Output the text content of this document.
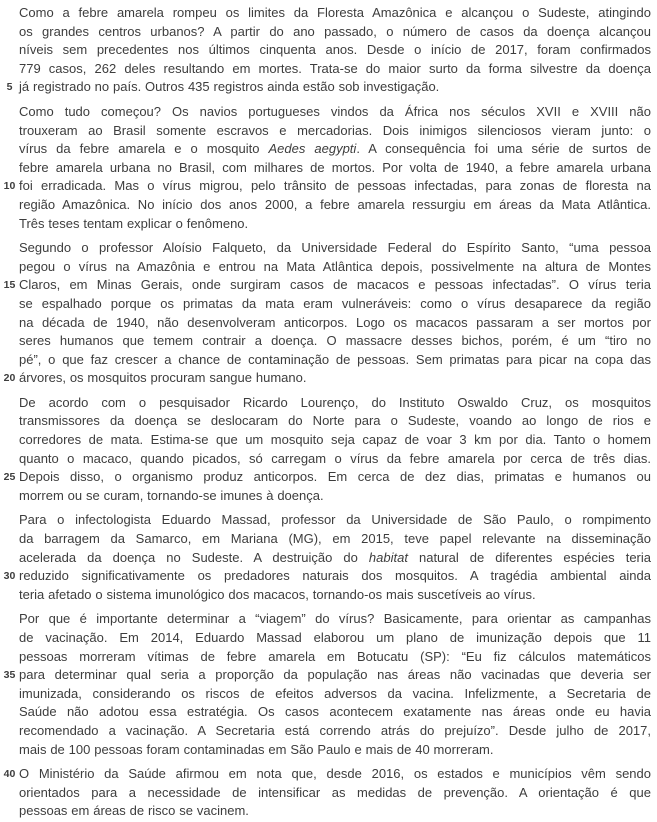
Como a febre amarela rompeu os limites da Floresta Amazônica e alcançou o Sudeste, atingindo
os grandes centros urbanos? A partir do ano passado, o número de casos da doença alcançou
níveis sem precedentes nos últimos cinquenta anos. Desde o início de 2017, foram confirmados
779 casos, 262 deles resultando em mortes. Trata-se do maior surto da forma silvestre da doença
5 já registrado no país. Outros 435 registros ainda estão sob investigação.
Como tudo começou? Os navios portugueses vindos da África nos séculos XVII e XVIII não
trouxeram ao Brasil somente escravos e mercadorias. Dois inimigos silenciosos vieram junto: o
vírus da febre amarela e o mosquito Aedes aegypti. A consequência foi uma série de surtos de
febre amarela urbana no Brasil, com milhares de mortos. Por volta de 1940, a febre amarela urbana
10 foi erradicada. Mas o vírus migrou, pelo trânsito de pessoas infectadas, para zonas de floresta na
região Amazônica. No início dos anos 2000, a febre amarela ressurgiu em áreas da Mata Atlântica.
Três teses tentam explicar o fenômeno.
Segundo o professor Aloísio Falqueto, da Universidade Federal do Espírito Santo, “uma pessoa
pegou o vírus na Amazônia e entrou na Mata Atlântica depois, possivelmente na altura de Montes
15 Claros, em Minas Gerais, onde surgiram casos de macacos e pessoas infectadas”. O vírus teria
se espalhado porque os primatas da mata eram vulneráveis: como o vírus desaparece da região
na década de 1940, não desenvolveram anticorpos. Logo os macacos passaram a ser mortos por
seres humanos que temem contrair a doença. O massacre desses bichos, porém, é um “tiro no
pé”, o que faz crescer a chance de contaminação de pessoas. Sem primatas para picar na copa das
20 árvores, os mosquitos procuram sangue humano.
De acordo com o pesquisador Ricardo Lourenço, do Instituto Oswaldo Cruz, os mosquitos
transmissores da doença se deslocaram do Norte para o Sudeste, voando ao longo de rios e
corredores de mata. Estima-se que um mosquito seja capaz de voar 3 km por dia. Tanto o homem
quanto o macaco, quando picados, só carregam o vírus da febre amarela por cerca de três dias.
25 Depois disso, o organismo produz anticorpos. Em cerca de dez dias, primatas e humanos ou
morrem ou se curam, tornando-se imunes à doença.
Para o infectologista Eduardo Massad, professor da Universidade de São Paulo, o rompimento
da barragem da Samarco, em Mariana (MG), em 2015, teve papel relevante na disseminação
acelerada da doença no Sudeste. A destruição do habitat natural de diferentes espécies teria
30 reduzido significativamente os predadores naturais dos mosquitos. A tragédia ambiental ainda
teria afetado o sistema imunológico dos macacos, tornando-os mais suscetíveis ao vírus.
Por que é importante determinar a “viagem” do vírus? Basicamente, para orientar as campanhas
de vacinação. Em 2014, Eduardo Massad elaborou um plano de imunização depois que 11
pessoas morreram vítimas de febre amarela em Botucatu (SP): “Eu fiz cálculos matemáticos
35 para determinar qual seria a proporção da população nas áreas não vacinadas que deveria ser
imunizada, considerando os riscos de efeitos adversos da vacina. Infelizmente, a Secretaria de
Saúde não adotou essa estratégia. Os casos acontecem exatamente nas áreas onde eu havia
recomendado a vacinação. A Secretaria está correndo atrás do prejuízo”. Desde julho de 2017,
mais de 100 pessoas foram contaminadas em São Paulo e mais de 40 morreram.
40 O Ministério da Saúde afirmou em nota que, desde 2016, os estados e municípios vêm sendo
orientados para a necessidade de intensificar as medidas de prevenção. A orientação é que
pessoas em áreas de risco se vacinem.
